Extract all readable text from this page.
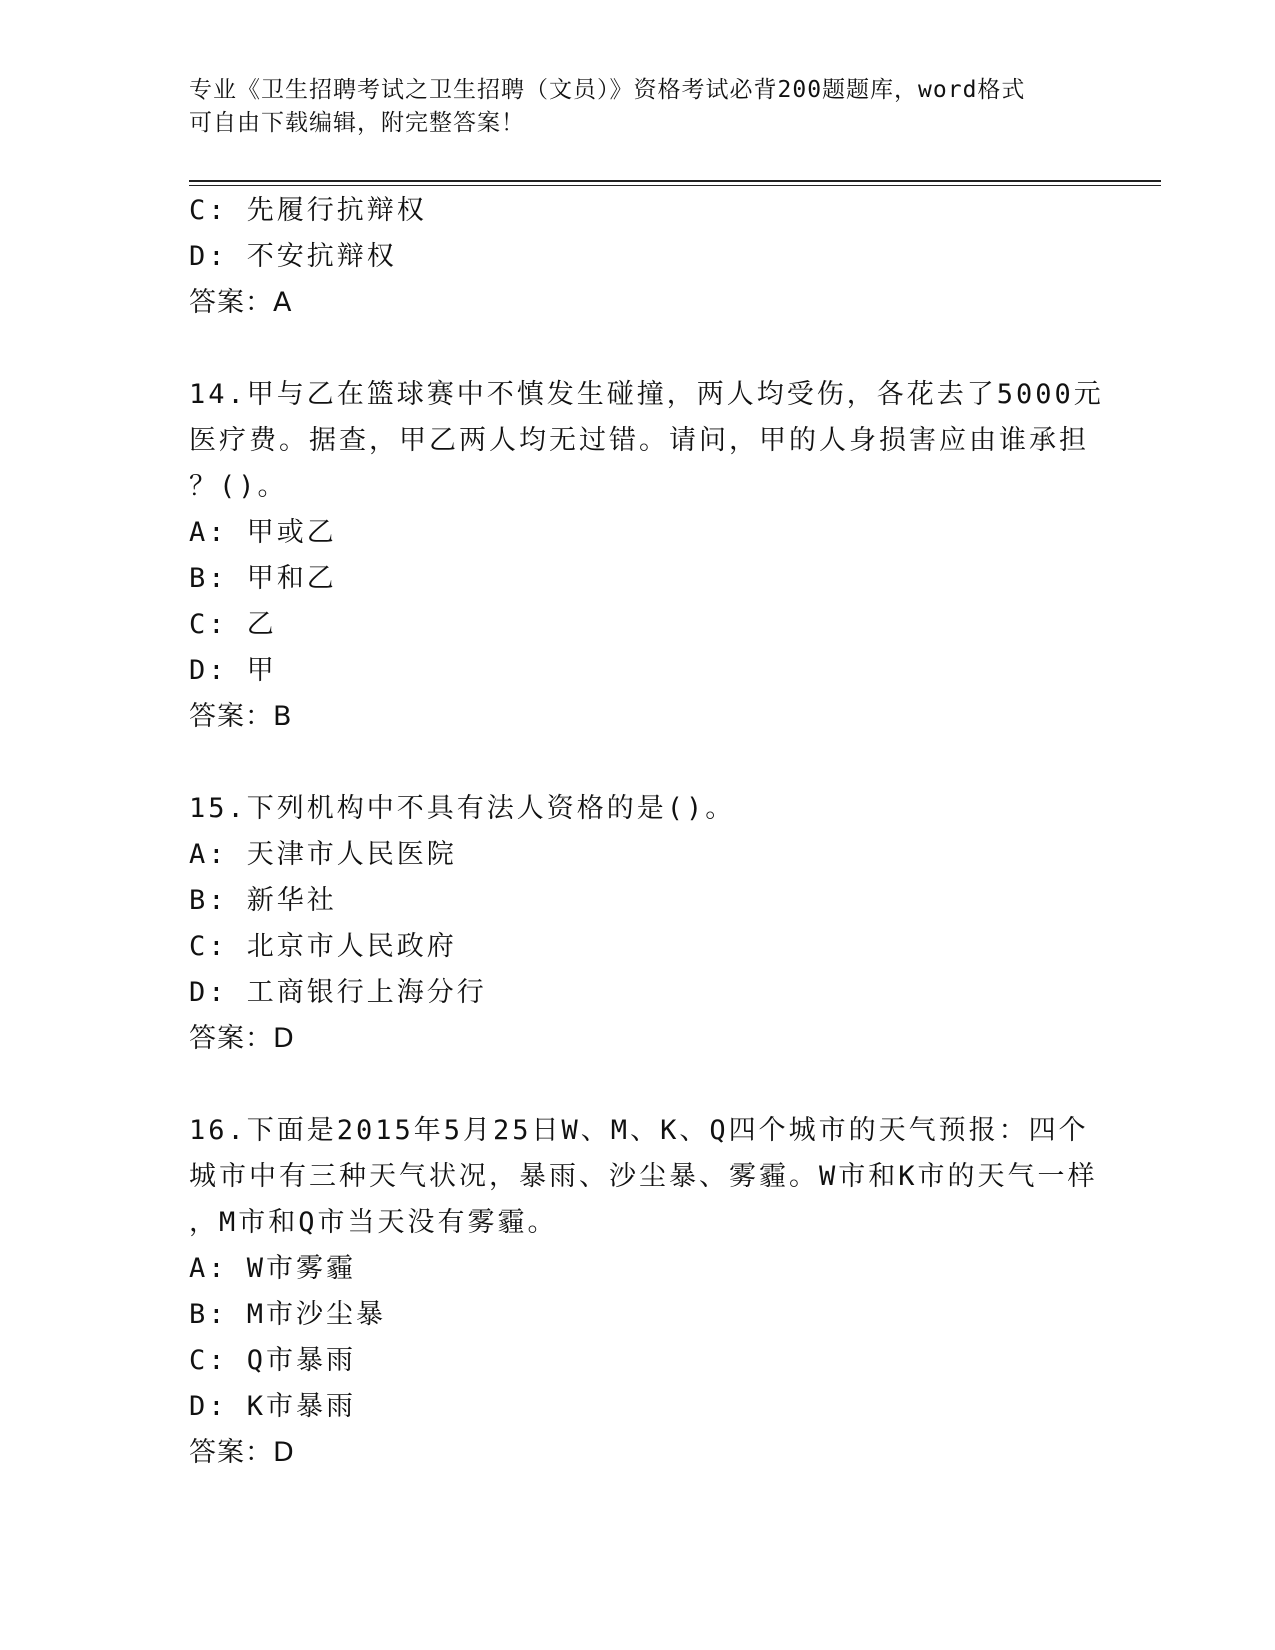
专业《卫生招聘考试之卫生招聘（文员）》资格考试必背200题题库，word格式
可自由下载编辑，附完整答案！
C: 先履行抗辩权
D: 不安抗辩权
答案：A
14.甲与乙在篮球赛中不慎发生碰撞，两人均受伤，各花去了5000元
医疗费。据查，甲乙两人均无过错。请问，甲的人身损害应由谁承担
？()。
A: 甲或乙
B: 甲和乙
C: 乙
D: 甲
答案：B
15.下列机构中不具有法人资格的是()。
A: 天津市人民医院
B: 新华社
C: 北京市人民政府
D: 工商银行上海分行
答案：D
16.下面是2015年5月25日W、M、K、Q四个城市的天气预报：四个
城市中有三种天气状况，暴雨、沙尘暴、雾霾。W市和K市的天气一样
，M市和Q市当天没有雾霾。
A: W市雾霾
B: M市沙尘暴
C: Q市暴雨
D: K市暴雨
答案：D
